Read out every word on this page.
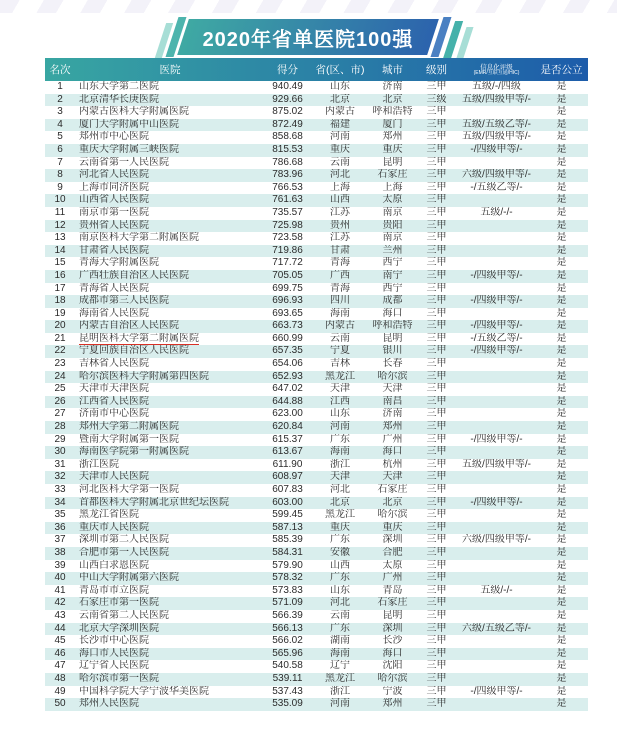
2020年省单医院100强
名次	医院	得分	省(区、市)	城市	级别	信息化评级
(EMR/互联互通/HIC)	是否公立
1	山东大学第二医院	940.49	山东	济南	三甲	五级/-/四级	是
2	北京清华长庚医院	929.66	北京	北京	三级	五级/四级甲等/-	是
3	内蒙古医科大学附属医院	875.02	内蒙古	呼和浩特	三甲		是
4	厦门大学附属中山医院	872.49	福建	厦门	三甲	五级/五级乙等/-	是
5	郑州市中心医院	858.68	河南	郑州	三甲	五级/四级甲等/-	是
6	重庆大学附属三峡医院	815.53	重庆	重庆	三甲	-/四级甲等/-	是
7	云南省第一人民医院	786.68	云南	昆明	三甲		是
8	河北省人民医院	783.96	河北	石家庄	三甲	六级/四级甲等/-	是
9	上海市同济医院	766.53	上海	上海	三甲	-/五级乙等/-	是
10	山西省人民医院	761.63	山西	太原	三甲		是
11	南京市第一医院	735.57	江苏	南京	三甲	五级/-/-	是
12	贵州省人民医院	725.98	贵州	贵阳	三甲		是
13	南京医科大学第二附属医院	723.58	江苏	南京	三甲		是
14	甘肃省人民医院	719.86	甘肃	兰州	三甲		是
15	青海大学附属医院	717.72	青海	西宁	三甲		是
16	广西壮族自治区人民医院	705.05	广西	南宁	三甲	-/四级甲等/-	是
17	青海省人民医院	699.75	青海	西宁	三甲		是
18	成都市第三人民医院	696.93	四川	成都	三甲	-/四级甲等/-	是
19	海南省人民医院	693.65	海南	海口	三甲		是
20	内蒙古自治区人民医院	663.73	内蒙古	呼和浩特	三甲	-/四级甲等/-	是
21	昆明医科大学第二附属医院	660.99	云南	昆明	三甲	-/五级乙等/-	是
22	宁夏回族自治区人民医院	657.35	宁夏	银川	三甲	-/四级甲等/-	是
23	吉林省人民医院	654.06	吉林	长春	三甲		是
24	哈尔滨医科大学附属第四医院	652.93	黑龙江	哈尔滨	三甲		是
25	天津市天津医院	647.02	天津	天津	三甲		是
26	江西省人民医院	644.88	江西	南昌	三甲		是
27	济南市中心医院	623.00	山东	济南	三甲		是
28	郑州大学第二附属医院	620.84	河南	郑州	三甲		是
29	暨南大学附属第一医院	615.37	广东	广州	三甲	-/四级甲等/-	是
30	海南医学院第一附属医院	613.67	海南	海口	三甲		是
31	浙江医院	611.90	浙江	杭州	三甲	五级/四级甲等/-	是
32	天津市人民医院	608.97	天津	天津	三甲		是
33	河北医科大学第一医院	607.83	河北	石家庄	三甲		是
34	首都医科大学附属北京世纪坛医院	603.00	北京	北京	三甲	-/四级甲等/-	是
35	黑龙江省医院	599.45	黑龙江	哈尔滨	三甲		是
36	重庆市人民医院	587.13	重庆	重庆	三甲		是
37	深圳市第二人民医院	585.39	广东	深圳	三甲	六级/四级甲等/-	是
38	合肥市第一人民医院	584.31	安徽	合肥	三甲		是
39	山西白求恩医院	579.90	山西	太原	三甲		是
40	中山大学附属第六医院	578.32	广东	广州	三甲		是
41	青岛市市立医院	573.83	山东	青岛	三甲	五级/-/-	是
42	石家庄市第一医院	571.09	河北	石家庄	三甲		是
43	云南省第二人民医院	566.39	云南	昆明	三甲		是
44	北京大学深圳医院	566.13	广东	深圳	三甲	六级/五级乙等/-	是
45	长沙市中心医院	566.02	湖南	长沙	三甲		是
46	海口市人民医院	565.96	海南	海口	三甲		是
47	辽宁省人民医院	540.58	辽宁	沈阳	三甲		是
48	哈尔滨市第一医院	539.11	黑龙江	哈尔滨	三甲		是
49	中国科学院大学宁波华美医院	537.43	浙江	宁波	三甲	-/四级甲等/-	是
50	郑州人民医院	535.09	河南	郑州	三甲		是
